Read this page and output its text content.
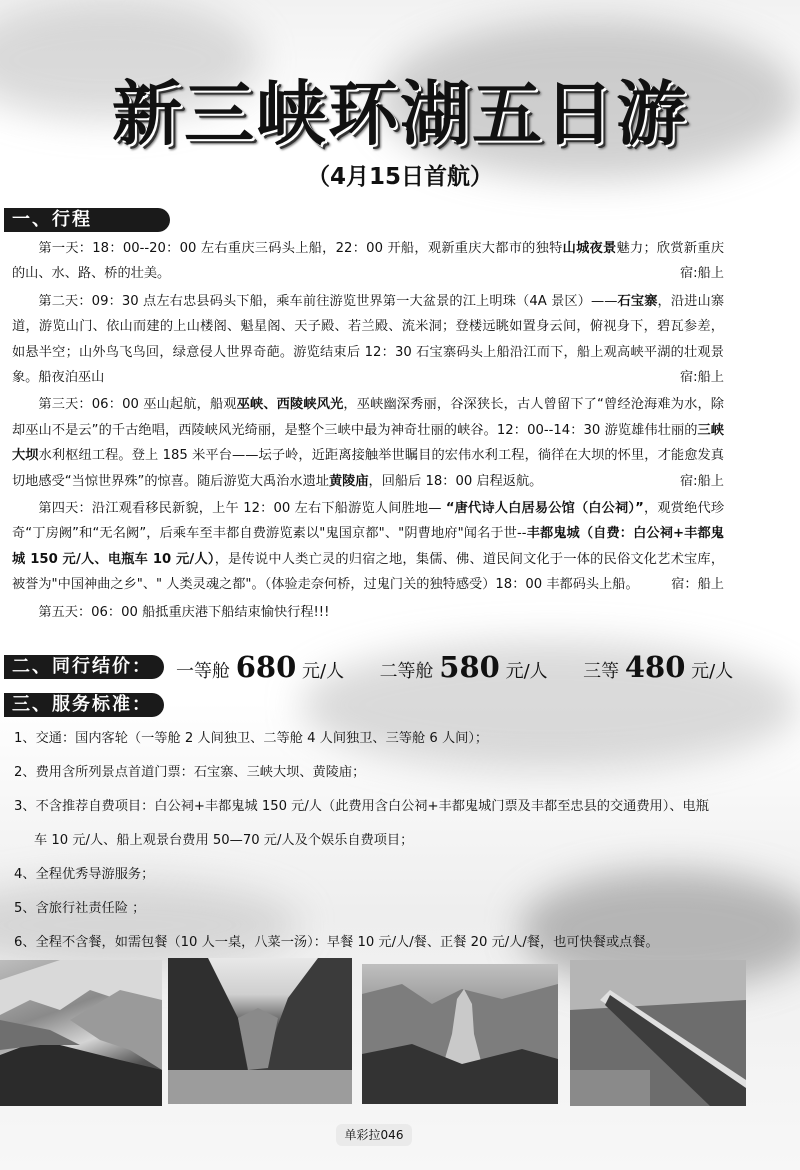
新三峡环湖五日游
（4月15日首航）
一、行程

第一天：18：00--20：00 左右重庆三码头上船，22：00 开船，观新重庆大都市的独特山城夜景魅力；欣赏新重庆的山、水、路、桥的壮美。	宿:船上

第二天：09：30 点左右忠县码头下船，乘车前往游览世界第一大盆景的江上明珠（4A 景区）——石宝寨，沿进山寨道，游览山门、依山而建的上山楼阁、魁星阁、天子殿、若兰殿、流米洞；登楼远眺如置身云间，俯视身下，碧瓦参差，如悬半空；山外鸟飞鸟回，绿意侵人世界奇葩。游览结束后 12：30 石宝寨码头上船沿江而下，船上观高峡平湖的壮观景象。船夜泊巫山	宿:船上

第三天：06：00 巫山起航，船观巫峡、西陵峡风光，巫峡幽深秀丽，谷深狭长，古人曾留下了“曾经沧海难为水，除却巫山不是云”的千古绝唱，西陵峡风光绮丽，是整个三峡中最为神奇壮丽的峡谷。12：00--14：30 游览雄伟壮丽的三峡大坝水利枢纽工程。登上 185 米平台——坛子岭，近距离接触举世瞩目的宏伟水利工程，徜徉在大坝的怀里，才能愈发真切地感受“当惊世界殊”的惊喜。随后游览大禹治水遗址黄陵庙，回船后 18：00 启程返航。	宿:船上

第四天：沿江观看移民新貌，上午 12：00 左右下船游览人间胜地— “唐代诗人白居易公馆（白公祠）”，观赏绝代珍奇“丁房阙”和“无名阙”，后乘车至丰都自费游览素以"鬼国京都"、"阴曹地府"闻名于世--丰都鬼城（自费：白公祠+丰都鬼城 150 元/人、电瓶车 10 元/人），是传说中人类亡灵的归宿之地，集儒、佛、道民间文化于一体的民俗文化艺术宝库，被誉为"中国神曲之乡"、" 人类灵魂之都"。（体验走奈何桥，过鬼门关的独特感受）18：00 丰都码头上船。 宿：船上

第五天：06：00 船抵重庆港下船结束愉快行程!!!

二、同行结价：	一等舱 680 元/人 二等舱 580 元/人 三等 480 元/人
三、服务标准：
1、交通：国内客轮（一等舱 2 人间独卫、二等舱 4 人间独卫、三等舱 6 人间）；
2、费用含所列景点首道门票：石宝寨、三峡大坝、黄陵庙；
3、不含推荐自费项目：白公祠+丰都鬼城 150 元/人（此费用含白公祠+丰都鬼城门票及丰都至忠县的交通费用）、电瓶
车 10 元/人、船上观景台费用 50—70 元/人及个娱乐自费项目；
4、全程优秀导游服务；
5、含旅行社责任险 ；
6、全程不含餐，如需包餐（10 人一桌，八菜一汤）：早餐 10 元/人/餐、正餐 20 元/人/餐，也可快餐或点餐。
单彩拉046
